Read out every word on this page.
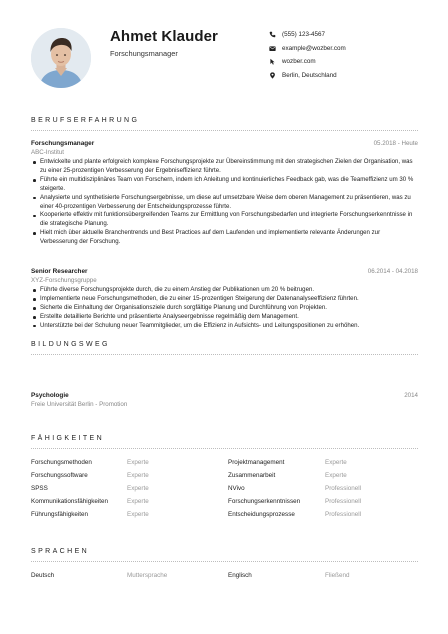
Ahmet Klauder
Forschungsmanager
(555) 123-4567
example@wozber.com
wozber.com
Berlin, Deutschland
BERUFSERFAHRUNG
Forschungsmanager	05.2018 - Heute
ABC-Institut
Entwickelte und plante erfolgreich komplexe Forschungsprojekte zur Übereinstimmung mit den strategischen Zielen der Organisation, was zu einer 25-prozentigen Verbesserung der Ergebniseffizienz führte.
Führte ein multidisziplinäres Team von Forschern, indem ich Anleitung und kontinuierliches Feedback gab, was die Teameffizienz um 30 % steigerte.
Analysierte und synthetisierte Forschungsergebnisse, um diese auf umsetzbare Weise dem oberen Management zu präsentieren, was zu einer 40-prozentigen Verbesserung der Entscheidungsprozesse führte.
Kooperierte effektiv mit funktionsübergreifenden Teams zur Ermittlung von Forschungsbedarfen und integrierte Forschungserkenntnisse in die strategische Planung.
Hielt mich über aktuelle Branchentrends und Best Practices auf dem Laufenden und implementierte relevante Änderungen zur Verbesserung der Forschung.
Senior Researcher	06.2014 - 04.2018
XYZ-Forschungsgruppe
Führte diverse Forschungsprojekte durch, die zu einem Anstieg der Publikationen um 20 % beitrugen.
Implementierte neue Forschungsmethoden, die zu einer 15-prozentigen Steigerung der Datenanalyseeffizienz führten.
Sicherte die Einhaltung der Organisationsziele durch sorgfältige Planung und Durchführung von Projekten.
Erstellte detaillierte Berichte und präsentierte Analyseergebnisse regelmäßig dem Management.
Unterstützte bei der Schulung neuer Teammitglieder, um die Effizienz in Aufsichts- und Leitungspositionen zu erhöhen.
BILDUNGSWEG
Psychologie	2014
Freie Universität Berlin - Promotion
FÄHIGKEITEN
Forschungsmethoden	Experte	Projektmanagement	Experte
Forschungssoftware	Experte	Zusammenarbeit	Experte
SPSS	Experte	NVivo	Professionell
Kommunikationsfähigkeiten	Experte	Forschungserkenntnissen	Professionell
Führungsfähigkeiten	Experte	Entscheidungsprozesse	Professionell
SPRACHEN
Deutsch	Muttersprache	Englisch	Fließend
